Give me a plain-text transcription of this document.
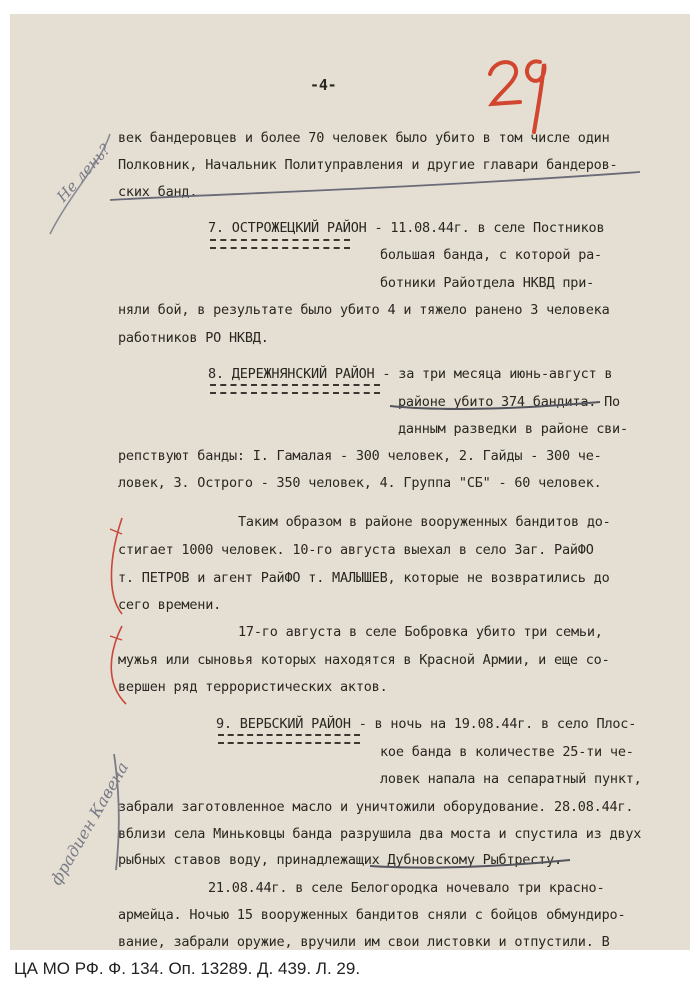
-4-
век бандеровцев и более 70 человек было убито в том числе один
Полковник, Начальник Политуправления и другие главари бандеров-
ских банд.
7. ОСТРОЖЕЦКИЙ РАЙОН - 11.08.44г. в селе Постников
большая банда, с которой ра-
ботники Райотдела НКВД при-
няли бой, в результате было убито 4 и тяжело ранено 3 человека
работников РО НКВД.
8. ДЕРЕЖНЯНСКИЙ РАЙОН - за три месяца июнь-август в
районе убито 374 бандита. По
данным разведки в районе сви-
репствуют банды: I. Гамалая - 300 человек, 2. Гайды - 300 че-
ловек, 3. Острого - 350 человек, 4. Группа "СБ" - 60 человек.
Таким образом в районе вооруженных бандитов до-
стигает 1000 человек. 10-го августа выехал в село Заг. РайФО
т. ПЕТРОВ и агент РайФО т. МАЛЫШЕВ, которые не возвратились до
сего времени.
17-го августа в селе Бобровка убито три семьи,
мужья или сыновья которых находятся в Красной Армии, и еще со-
вершен ряд террористических актов.
9. ВЕРБСКИЙ РАЙОН - в ночь на 19.08.44г. в село Плос-
кое банда в количестве 25-ти че-
ловек напала на сепаратный пункт,
забрали заготовленное масло и уничтожили оборудование. 28.08.44г.
вблизи села Миньковцы банда разрушила два моста и спустила из двух
рыбных ставов воду, принадлежащих Дубновскому Рыбтресту.
21.08.44г. в селе Белогородка ночевало три красно-
армейца. Ночью 15 вооруженных бандитов сняли с бойцов обмундиро-
вание, забрали оружие, вручили им свои листовки и отпустили. В
Не лень?
фрадиен Кавена
ЦА МО РФ. Ф. 134. Оп. 13289. Д. 439. Л. 29.
